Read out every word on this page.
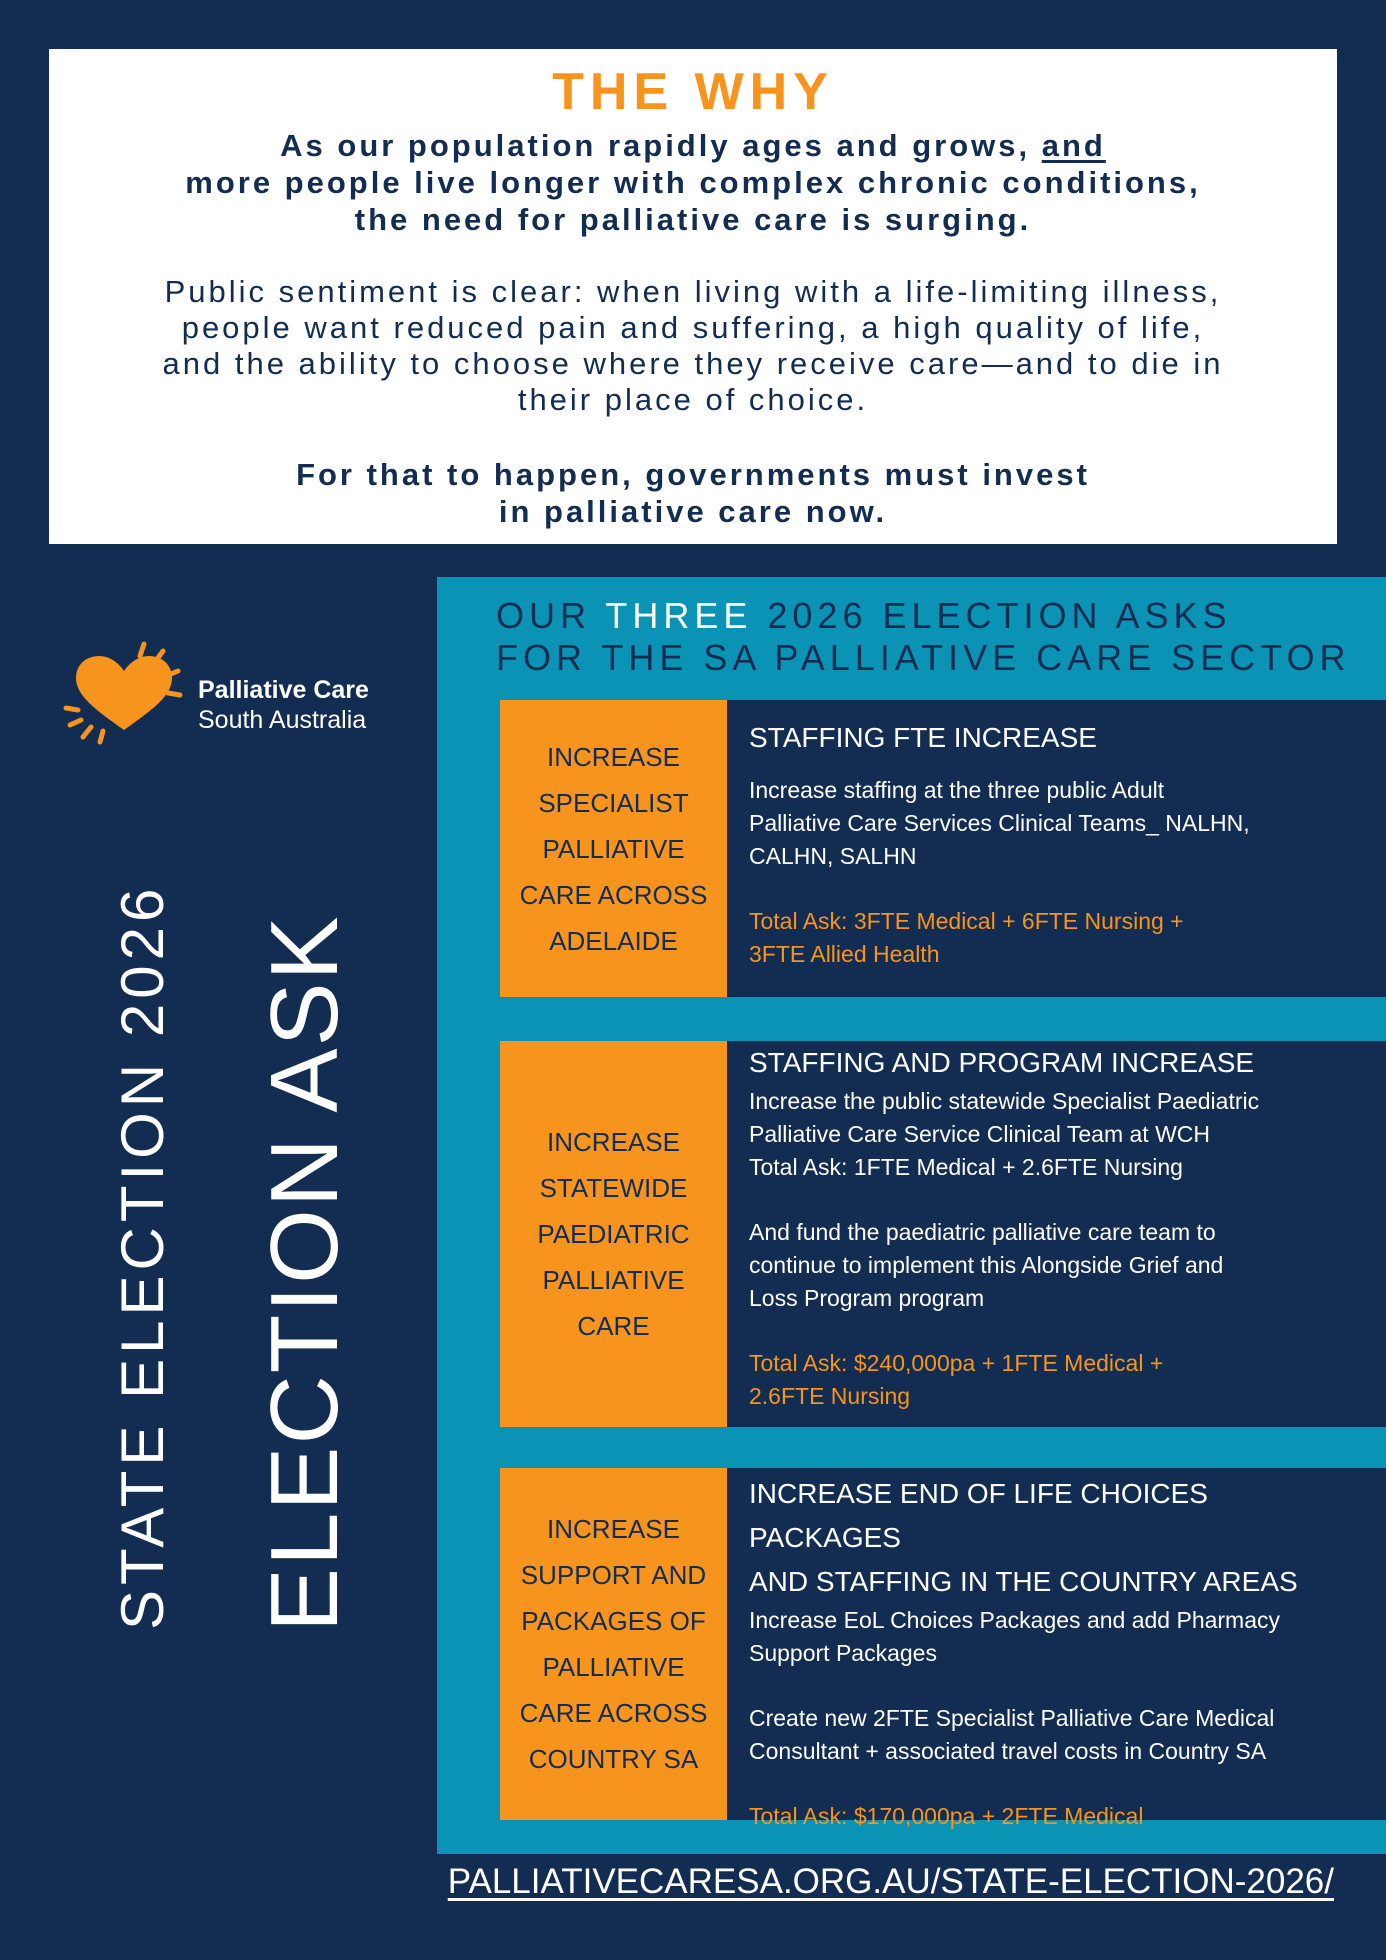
THE WHY
As our population rapidly ages and grows, and
more people live longer with complex chronic conditions,
the need for palliative care is surging.
Public sentiment is clear: when living with a life-limiting illness,
people want reduced pain and suffering, a high quality of life,
and the ability to choose where they receive care—and to die in
their place of choice.
For that to happen, governments must invest
in palliative care now.
Palliative Care
South Australia
STATE ELECTION 2026 ELECTION ASK
OUR THREE 2026 ELECTION ASKS
FOR THE SA PALLIATIVE CARE SECTOR
INCREASE
SPECIALIST
PALLIATIVE
CARE ACROSS
ADELAIDE
STAFFING FTE INCREASE
Increase staffing at the three public Adult
Palliative Care Services Clinical Teams_ NALHN,
CALHN, SALHN
Total Ask: 3FTE Medical + 6FTE Nursing +
3FTE Allied Health
INCREASE
STATEWIDE
PAEDIATRIC
PALLIATIVE
CARE
STAFFING AND PROGRAM INCREASE
Increase the public statewide Specialist Paediatric
Palliative Care Service Clinical Team at WCH
Total Ask: 1FTE Medical + 2.6FTE Nursing
And fund the paediatric palliative care team to
continue to implement this Alongside Grief and
Loss Program program
Total Ask: $240,000pa + 1FTE Medical +
2.6FTE Nursing
INCREASE
SUPPORT AND
PACKAGES OF
PALLIATIVE
CARE ACROSS
COUNTRY SA
INCREASE END OF LIFE CHOICES PACKAGES
AND STAFFING IN THE COUNTRY AREAS
Increase EoL Choices Packages and add Pharmacy
Support Packages
Create new 2FTE Specialist Palliative Care Medical
Consultant + associated travel costs in Country SA
Total Ask: $170,000pa + 2FTE Medical
PALLIATIVECARESA.ORG.AU/STATE-ELECTION-2026/
